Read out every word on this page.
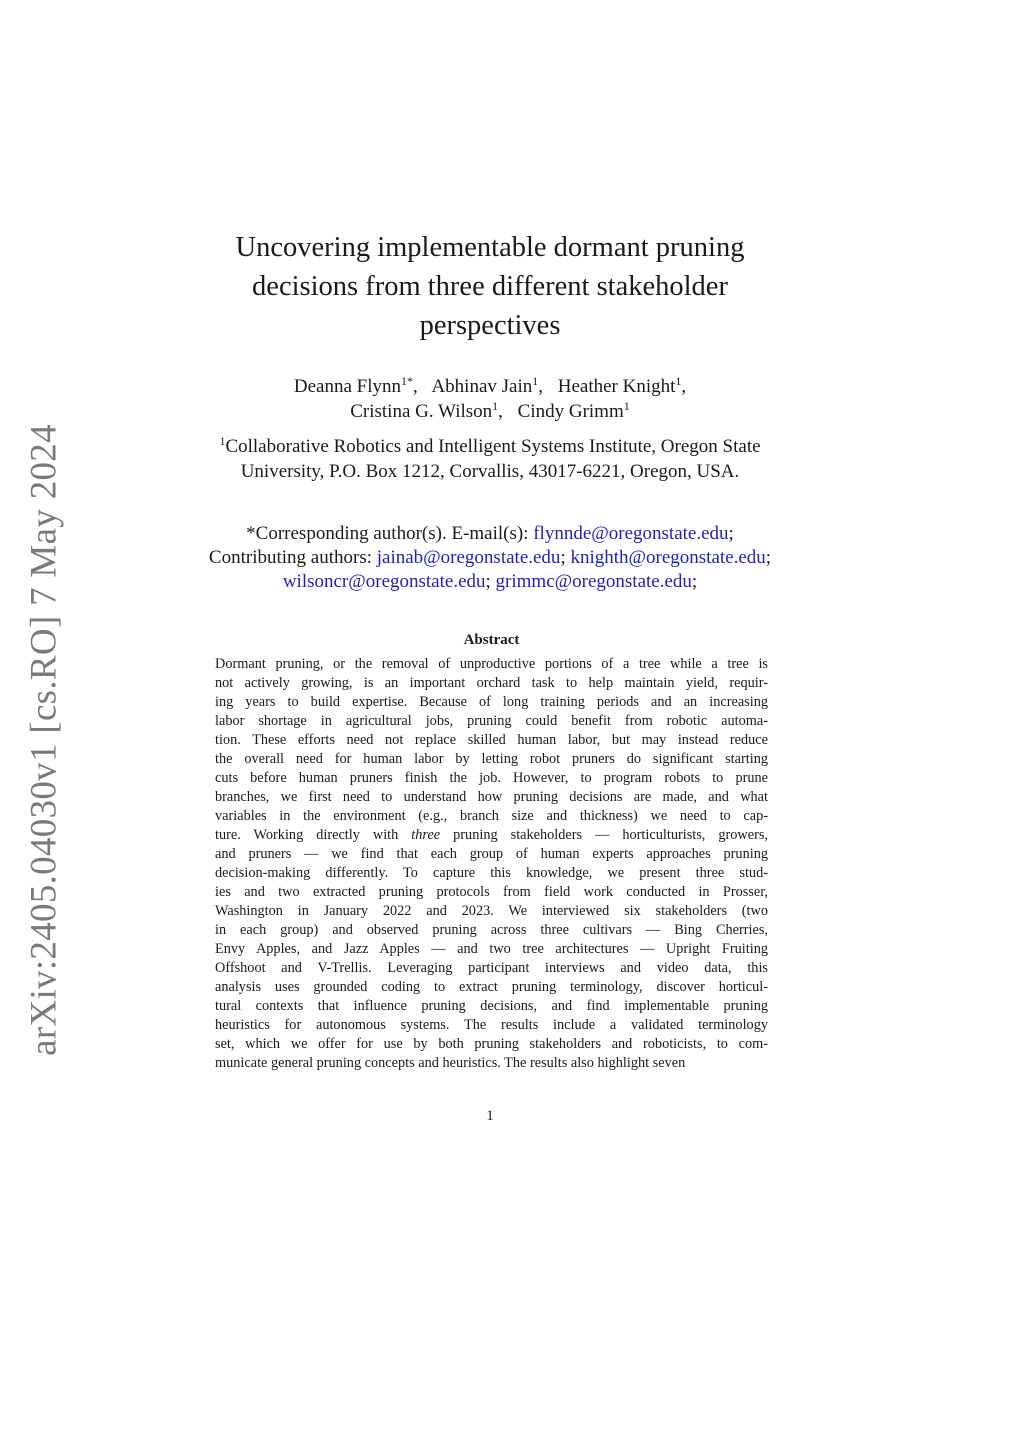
arXiv:2405.04030v1 [cs.RO] 7 May 2024
Uncovering implementable dormant pruning
decisions from three different stakeholder
perspectives
Deanna Flynn$^{1*}$, Abhinav Jain$^1$, Heather Knight$^1$,
Cristina G. Wilson$^1$, Cindy Grimm$^1$
$^1$Collaborative Robotics and Intelligent Systems Institute, Oregon State
University, P.O. Box 1212, Corvallis, 43017-6221, Oregon, USA.
*Corresponding author(s). E-mail(s): flynnde@oregonstate.edu;
Contributing authors: jainab@oregonstate.edu; knighth@oregonstate.edu;
wilsoncr@oregonstate.edu; grimmc@oregonstate.edu;
Abstract
Dormant pruning, or the removal of unproductive portions of a tree while a tree is
not actively growing, is an important orchard task to help maintain yield, requir-
ing years to build expertise. Because of long training periods and an increasing
labor shortage in agricultural jobs, pruning could benefit from robotic automa-
tion. These efforts need not replace skilled human labor, but may instead reduce
the overall need for human labor by letting robot pruners do significant starting
cuts before human pruners finish the job. However, to program robots to prune
branches, we first need to understand how pruning decisions are made, and what
variables in the environment (e.g., branch size and thickness) we need to cap-
ture. Working directly with three pruning stakeholders — horticulturists, growers,
and pruners — we find that each group of human experts approaches pruning
decision-making differently. To capture this knowledge, we present three stud-
ies and two extracted pruning protocols from field work conducted in Prosser,
Washington in January 2022 and 2023. We interviewed six stakeholders (two
in each group) and observed pruning across three cultivars — Bing Cherries,
Envy Apples, and Jazz Apples — and two tree architectures — Upright Fruiting
Offshoot and V-Trellis. Leveraging participant interviews and video data, this
analysis uses grounded coding to extract pruning terminology, discover horticul-
tural contexts that influence pruning decisions, and find implementable pruning
heuristics for autonomous systems. The results include a validated terminology
set, which we offer for use by both pruning stakeholders and roboticists, to com-
municate general pruning concepts and heuristics. The results also highlight seven
1
